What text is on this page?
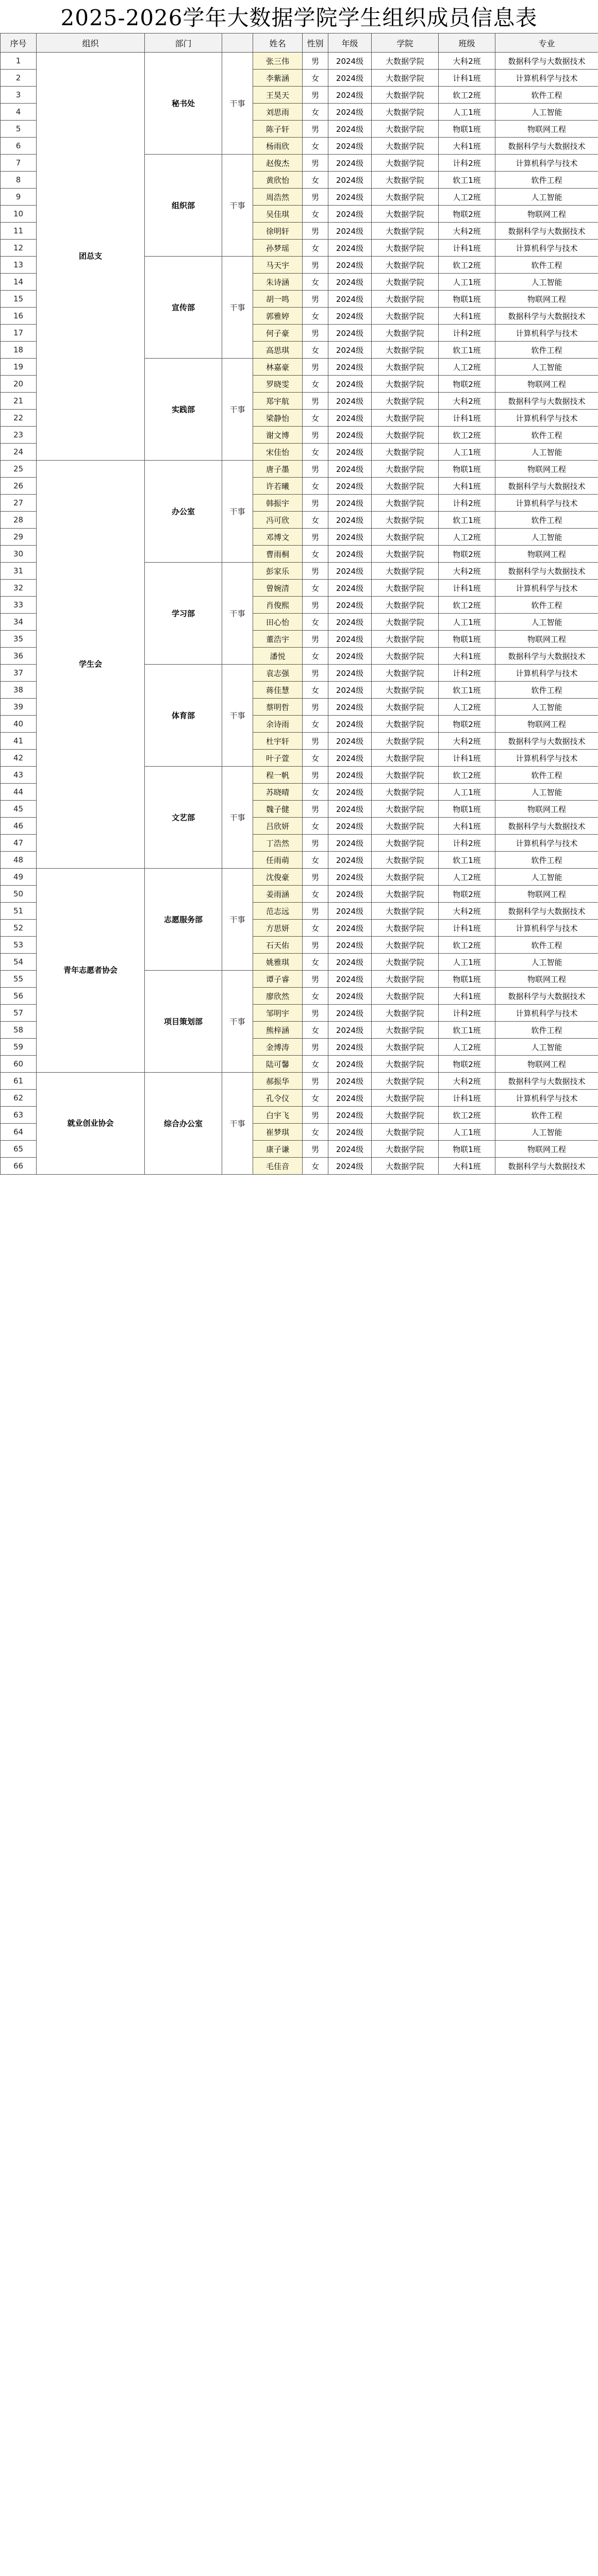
2025-2026学年大数据学院学生组织成员信息表
序号	组织	部门		姓名	性别	年级	学院	班级	专业
1	团总支	秘书处	干事	张三伟	男	2024级	大数据学院	大科2班	数据科学与大数据技术
2				李紫涵	女	2024级	大数据学院	计科1班	计算机科学与技术
3				王昊天	男	2024级	大数据学院	软工2班	软件工程
4				刘思雨	女	2024级	大数据学院	人工1班	人工智能
5				陈子轩	男	2024级	大数据学院	物联1班	物联网工程
6				杨雨欣	女	2024级	大数据学院	大科1班	数据科学与大数据技术
7		组织部	干事	赵俊杰	男	2024级	大数据学院	计科2班	计算机科学与技术
8				黄欣怡	女	2024级	大数据学院	软工1班	软件工程
9				周浩然	男	2024级	大数据学院	人工2班	人工智能
10				吴佳琪	女	2024级	大数据学院	物联2班	物联网工程
11				徐明轩	男	2024级	大数据学院	大科2班	数据科学与大数据技术
12				孙梦瑶	女	2024级	大数据学院	计科1班	计算机科学与技术
13		宣传部	干事	马天宇	男	2024级	大数据学院	软工2班	软件工程
14				朱诗涵	女	2024级	大数据学院	人工1班	人工智能
15				胡一鸣	男	2024级	大数据学院	物联1班	物联网工程
16				郭雅婷	女	2024级	大数据学院	大科1班	数据科学与大数据技术
17				何子豪	男	2024级	大数据学院	计科2班	计算机科学与技术
18				高思琪	女	2024级	大数据学院	软工1班	软件工程
19		实践部	干事	林嘉豪	男	2024级	大数据学院	人工2班	人工智能
20				罗晓雯	女	2024级	大数据学院	物联2班	物联网工程
21				郑宇航	男	2024级	大数据学院	大科2班	数据科学与大数据技术
22				梁静怡	女	2024级	大数据学院	计科1班	计算机科学与技术
23				谢文博	男	2024级	大数据学院	软工2班	软件工程
24				宋佳怡	女	2024级	大数据学院	人工1班	人工智能
25	学生会	办公室	干事	唐子墨	男	2024级	大数据学院	物联1班	物联网工程
26				许若曦	女	2024级	大数据学院	大科1班	数据科学与大数据技术
27				韩振宇	男	2024级	大数据学院	计科2班	计算机科学与技术
28				冯可欣	女	2024级	大数据学院	软工1班	软件工程
29				邓博文	男	2024级	大数据学院	人工2班	人工智能
30				曹雨桐	女	2024级	大数据学院	物联2班	物联网工程
31		学习部	干事	彭家乐	男	2024级	大数据学院	大科2班	数据科学与大数据技术
32				曾婉清	女	2024级	大数据学院	计科1班	计算机科学与技术
33				肖俊熙	男	2024级	大数据学院	软工2班	软件工程
34				田心怡	女	2024级	大数据学院	人工1班	人工智能
35				董浩宇	男	2024级	大数据学院	物联1班	物联网工程
36				潘悦	女	2024级	大数据学院	大科1班	数据科学与大数据技术
37		体育部	干事	袁志强	男	2024级	大数据学院	计科2班	计算机科学与技术
38				蒋佳慧	女	2024级	大数据学院	软工1班	软件工程
39				蔡明哲	男	2024级	大数据学院	人工2班	人工智能
40				余诗雨	女	2024级	大数据学院	物联2班	物联网工程
41				杜宇轩	男	2024级	大数据学院	大科2班	数据科学与大数据技术
42				叶子萱	女	2024级	大数据学院	计科1班	计算机科学与技术
43		文艺部	干事	程一帆	男	2024级	大数据学院	软工2班	软件工程
44				苏晓晴	女	2024级	大数据学院	人工1班	人工智能
45				魏子健	男	2024级	大数据学院	物联1班	物联网工程
46				吕欣妍	女	2024级	大数据学院	大科1班	数据科学与大数据技术
47				丁浩然	男	2024级	大数据学院	计科2班	计算机科学与技术
48				任雨萌	女	2024级	大数据学院	软工1班	软件工程
49	青年志愿者协会	志愿服务部	干事	沈俊豪	男	2024级	大数据学院	人工2班	人工智能
50				姜雨涵	女	2024级	大数据学院	物联2班	物联网工程
51				范志远	男	2024级	大数据学院	大科2班	数据科学与大数据技术
52				方思妍	女	2024级	大数据学院	计科1班	计算机科学与技术
53				石天佑	男	2024级	大数据学院	软工2班	软件工程
54				姚雅琪	女	2024级	大数据学院	人工1班	人工智能
55		项目策划部	干事	谭子睿	男	2024级	大数据学院	物联1班	物联网工程
56				廖欣然	女	2024级	大数据学院	大科1班	数据科学与大数据技术
57				邹明宇	男	2024级	大数据学院	计科2班	计算机科学与技术
58				熊梓涵	女	2024级	大数据学院	软工1班	软件工程
59				金博涛	男	2024级	大数据学院	人工2班	人工智能
60				陆可馨	女	2024级	大数据学院	物联2班	物联网工程
61	就业创业协会	综合办公室	干事	郝振华	男	2024级	大数据学院	大科2班	数据科学与大数据技术
62				孔令仪	女	2024级	大数据学院	计科1班	计算机科学与技术
63				白宇飞	男	2024级	大数据学院	软工2班	软件工程
64				崔梦琪	女	2024级	大数据学院	人工1班	人工智能
65				康子谦	男	2024级	大数据学院	物联1班	物联网工程
66				毛佳音	女	2024级	大数据学院	大科1班	数据科学与大数据技术
